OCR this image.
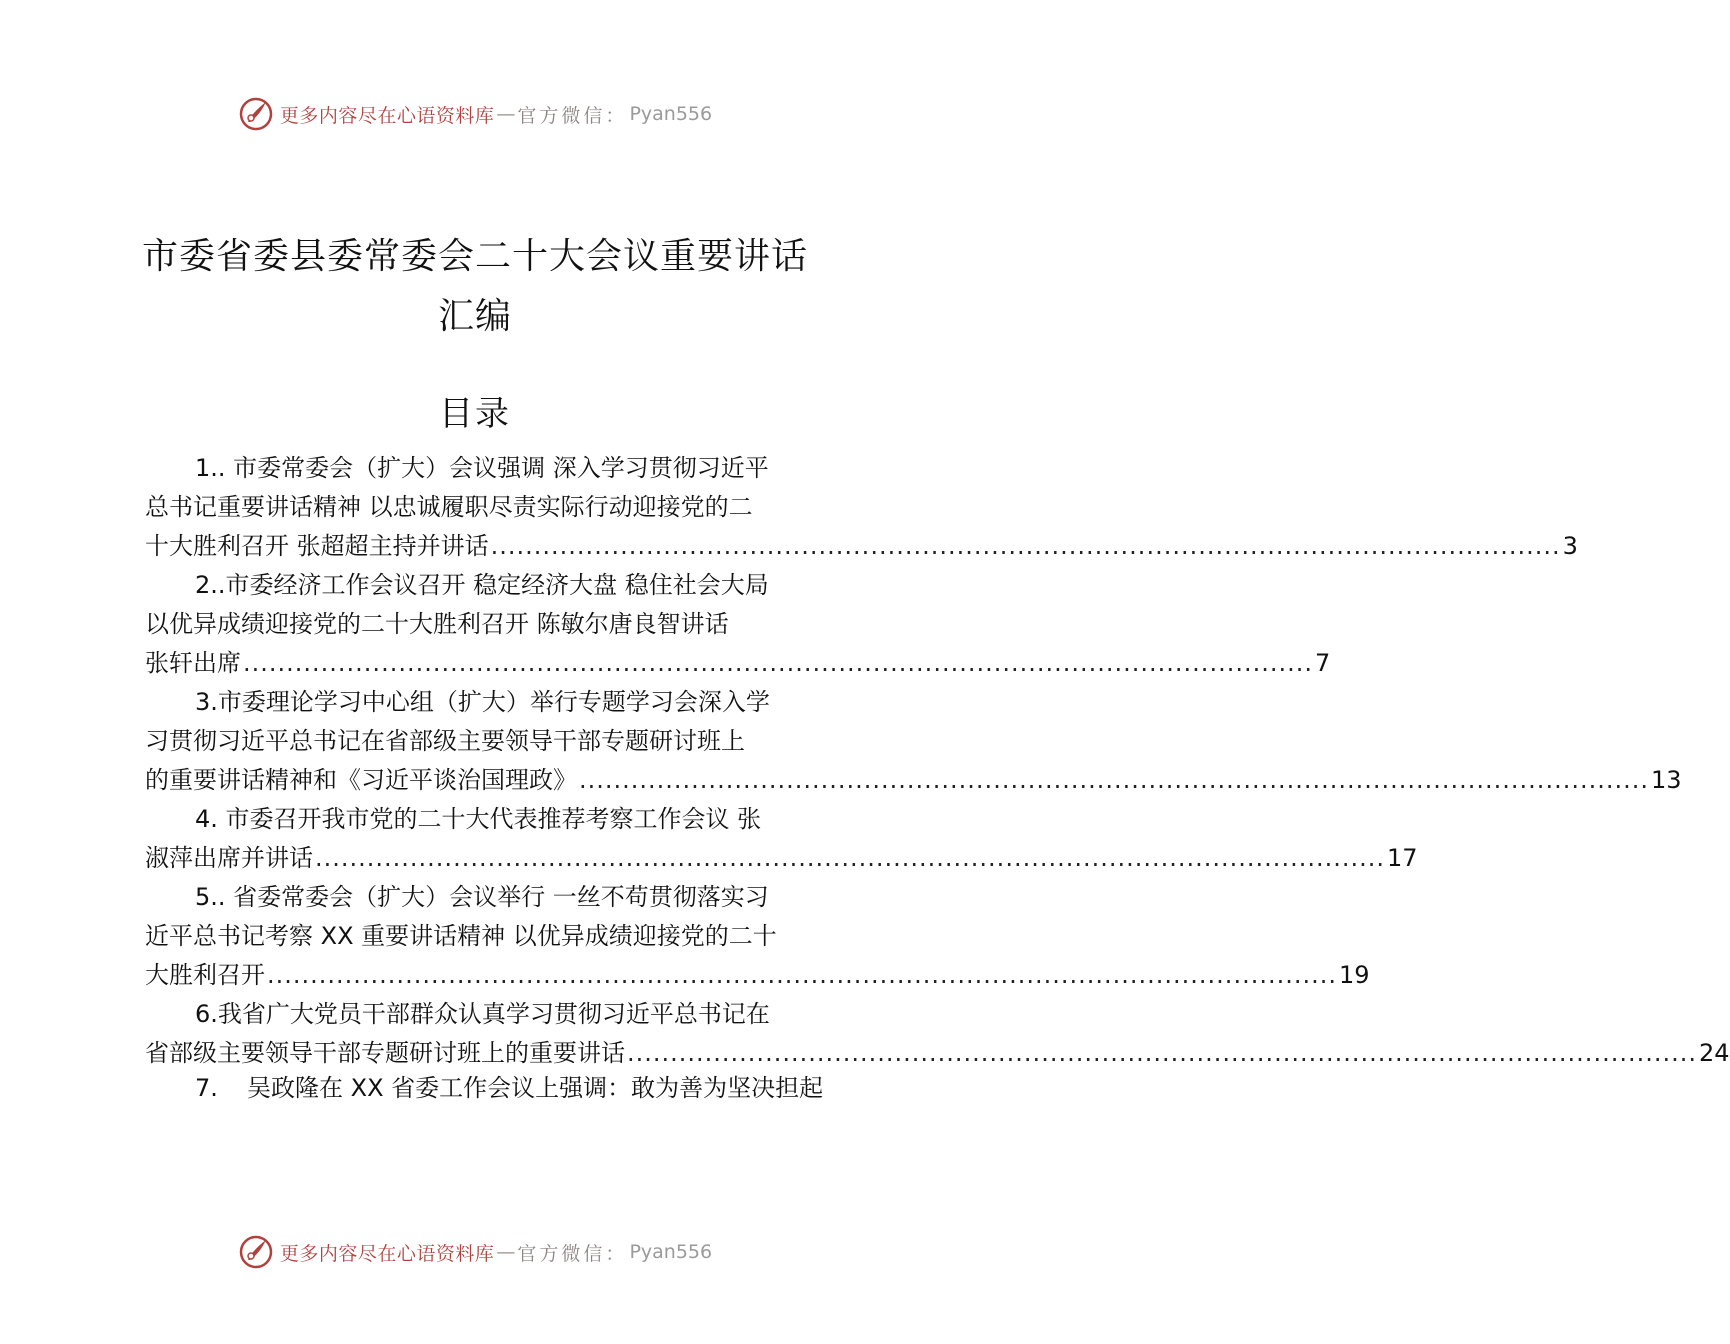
更多内容尽在心语资料库 — 官方微信： Pyan556
市委省委县委常委会二十大会议重要讲话
汇编
目录
1.. 市委常委会（扩大）会议强调 深入学习贯彻习近平
总书记重要讲话精神 以忠诚履职尽责实际行动迎接党的二
十大胜利召开 张超超主持并讲话 ............................................................................................................................ 3
2..市委经济工作会议召开 稳定经济大盘 稳住社会大局
以优异成绩迎接党的二十大胜利召开 陈敏尔唐良智讲话
张轩出席 ............................................................................................................................ 7
3.市委理论学习中心组（扩大）举行专题学习会深入学
习贯彻习近平总书记在省部级主要领导干部专题研讨班上
的重要讲话精神和《习近平谈治国理政》 ............................................................................................................................ 13
4. 市委召开我市党的二十大代表推荐考察工作会议 张
淑萍出席并讲话 ............................................................................................................................ 17
5.. 省委常委会（扩大）会议举行 一丝不苟贯彻落实习
近平总书记考察 XX 重要讲话精神 以优异成绩迎接党的二十
大胜利召开 ............................................................................................................................ 19
6.我省广大党员干部群众认真学习贯彻习近平总书记在
省部级主要领导干部专题研讨班上的重要讲话 ............................................................................................................................ 24
7. 吴政隆在 XX 省委工作会议上强调：敢为善为坚决担起
更多内容尽在心语资料库 — 官方微信： Pyan556
